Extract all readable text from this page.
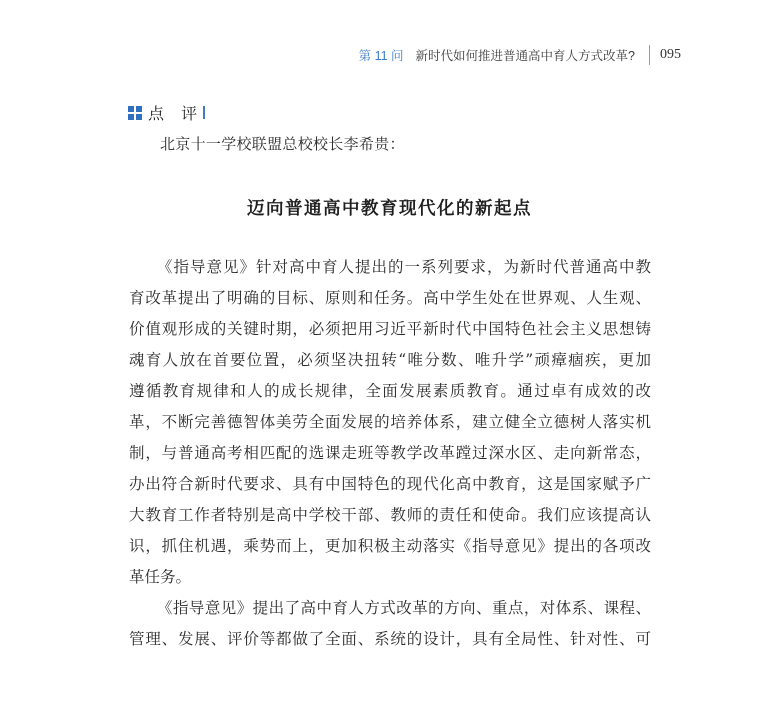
第 11 问 新时代如何推进普通高中育人方式改革? 095
点 评
北京十一学校联盟总校校长李希贵：
迈向普通高中教育现代化的新起点
《指导意见》针对高中育人提出的一系列要求，为新时代普通高中教
育改革提出了明确的目标、原则和任务。高中学生处在世界观、人生观、
价值观形成的关键时期，必须把用习近平新时代中国特色社会主义思想铸
魂育人放在首要位置，必须坚决扭转“唯分数、唯升学”顽瘴痼疾，更加
遵循教育规律和人的成长规律，全面发展素质教育。通过卓有成效的改
革，不断完善德智体美劳全面发展的培养体系，建立健全立德树人落实机
制，与普通高考相匹配的选课走班等教学改革蹚过深水区、走向新常态，
办出符合新时代要求、具有中国特色的现代化高中教育，这是国家赋予广
大教育工作者特别是高中学校干部、教师的责任和使命。我们应该提高认
识，抓住机遇，乘势而上，更加积极主动落实《指导意见》提出的各项改
革任务。
《指导意见》提出了高中育人方式改革的方向、重点，对体系、课程、
管理、发展、评价等都做了全面、系统的设计，具有全局性、针对性、可
